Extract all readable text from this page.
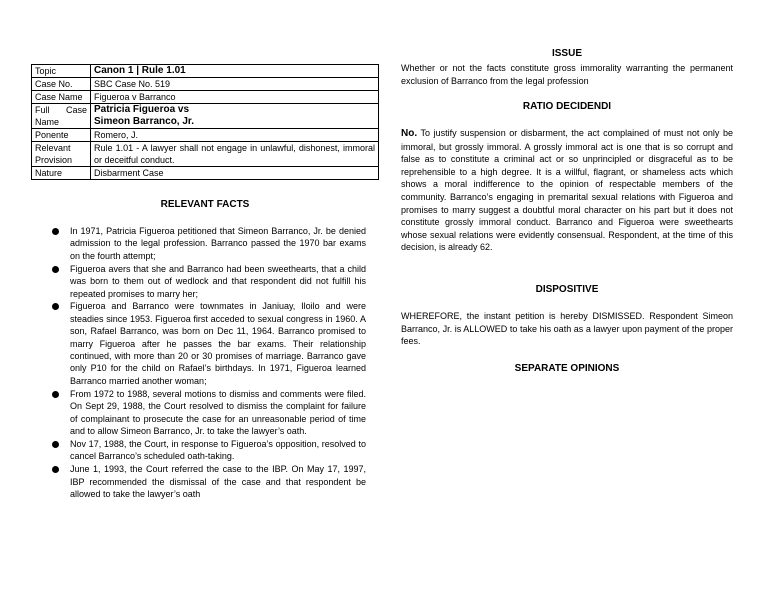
Topic	Canon 1 | Rule 1.01
Case No.	SBC Case No. 519
Case Name	Figueroa v Barranco

Full Case
Name	Patricia Figueroa vs
Simeon Barranco, Jr.

Ponente	Romero, J.

Relevant
Provision	Rule 1.01 - A lawyer shall not engage in unlawful, dishonest, immoral or deceitful conduct.
Nature	Disbarment Case
RELEVANT FACTS
In 1971, Patricia Figueroa petitioned that Simeon Barranco, Jr. be denied admission to the legal profession. Barranco passed the 1970 bar exams on the fourth attempt;
Figueroa avers that she and Barranco had been sweethearts, that a child was born to them out of wedlock and that respondent did not fulfill his repeated promises to marry her;
Figueroa and Barranco were townmates in Janiuay, Iloilo and were steadies since 1953. Figueroa first acceded to sexual congress in 1960. A son, Rafael Barranco, was born on Dec 11, 1964. Barranco promised to marry Figueroa after he passes the bar exams. Their relationship continued, with more than 20 or 30 promises of marriage. Barranco gave only P10 for the child on Rafael’s birthdays. In 1971, Figueroa learned Barranco married another woman;
From 1972 to 1988, several motions to dismiss and comments were filed. On Sept 29, 1988, the Court resolved to dismiss the complaint for failure of complainant to prosecute the case for an unreasonable period of time and to allow Simeon Barranco, Jr. to take the lawyer’s oath.
Nov 17, 1988, the Court, in response to Figueroa’s opposition, resolved to cancel Barranco’s scheduled oath-taking.
June 1, 1993, the Court referred the case to the IBP. On May 17, 1997, IBP recommended the dismissal of the case and that respondent be allowed to take the lawyer’s oath
ISSUE

Whether or not the facts constitute gross immorality warranting the permanent exclusion of Barranco from the legal profession

RATIO DECIDENDI

No. To justify suspension or disbarment, the act complained of must not only be immoral, but grossly immoral. A grossly immoral act is one that is so corrupt and false as to constitute a criminal act or so unprincipled or disgraceful as to be reprehensible to a high degree. It is a willful, flagrant, or shameless acts which shows a moral indifference to the opinion of respectable members of the community. Barranco’s engaging in premarital sexual relations with Figueroa and promises to marry suggest a doubtful moral character on his part but it does not constitute grossly immoral conduct. Barranco and Figueroa were sweethearts whose sexual relations were evidently consensual. Respondent, at the time of this decision, is already 62.

DISPOSITIVE

WHEREFORE, the instant petition is hereby DISMISSED. Respondent Simeon Barranco, Jr. is ALLOWED to take his oath as a lawyer upon payment of the proper fees.

SEPARATE OPINIONS
